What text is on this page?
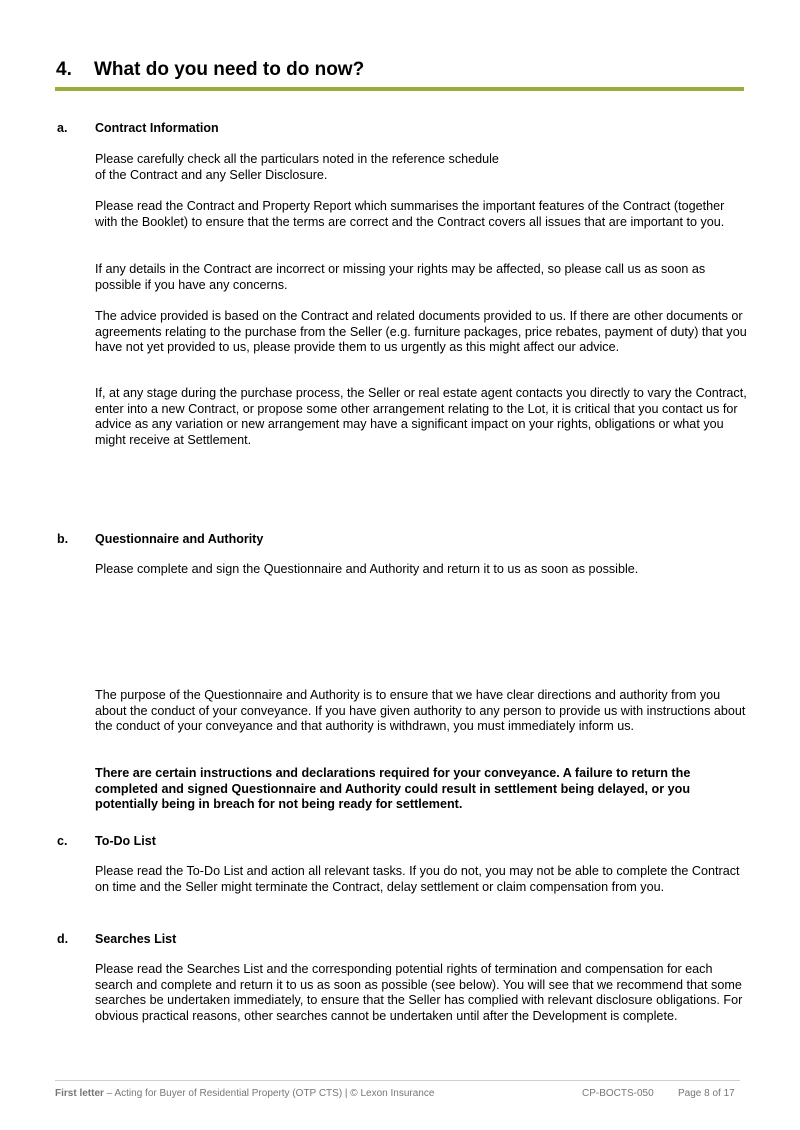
4.	What do you need to do now?
a. Contract Information

Please carefully check all the particulars noted in the reference schedule
of the Contract and any Seller Disclosure.

Please read the Contract and Property Report which summarises the important features of the Contract (together with the Booklet) to ensure that the terms are correct and the Contract covers all issues that are important to you.

If any details in the Contract are incorrect or missing your rights may be affected, so please call us as soon as possible if you have any concerns.

The advice provided is based on the Contract and related documents provided to us. If there are other documents or agreements relating to the purchase from the Seller (e.g. furniture packages, price rebates, payment of duty) that you have not yet provided to us, please provide them to us urgently as this might affect our advice.

If, at any stage during the purchase process, the Seller or real estate agent contacts you directly to vary the Contract, enter into a new Contract, or propose some other arrangement relating to the Lot, it is critical that you contact us for advice as any variation or new arrangement may have a significant impact on your rights, obligations or what you might receive at Settlement.

b. Questionnaire and Authority

Please complete and sign the Questionnaire and Authority and return it to us as soon as possible.

The purpose of the Questionnaire and Authority is to ensure that we have clear directions and authority from you about the conduct of your conveyance. If you have given authority to any person to provide us with instructions about the conduct of your conveyance and that authority is withdrawn, you must immediately inform us.

There are certain instructions and declarations required for your conveyance. A failure to return the completed and signed Questionnaire and Authority could result in settlement being delayed, or you potentially being in breach for not being ready for settlement.

c. To-Do List

Please read the To-Do List and action all relevant tasks. If you do not, you may not be able to complete the Contract on time and the Seller might terminate the Contract, delay settlement or claim compensation from you.

d. Searches List

Please read the Searches List and the corresponding potential rights of termination and compensation for each search and complete and return it to us as soon as possible (see below). You will see that we recommend that some searches be undertaken immediately, to ensure that the Seller has complied with relevant disclosure obligations. For obvious practical reasons, other searches cannot be undertaken until after the Development is complete.

First letter – Acting for Buyer of Residential Property (OTP CTS) | © Lexon Insurance	CP-BOCTS-050 Page 8 of 17
